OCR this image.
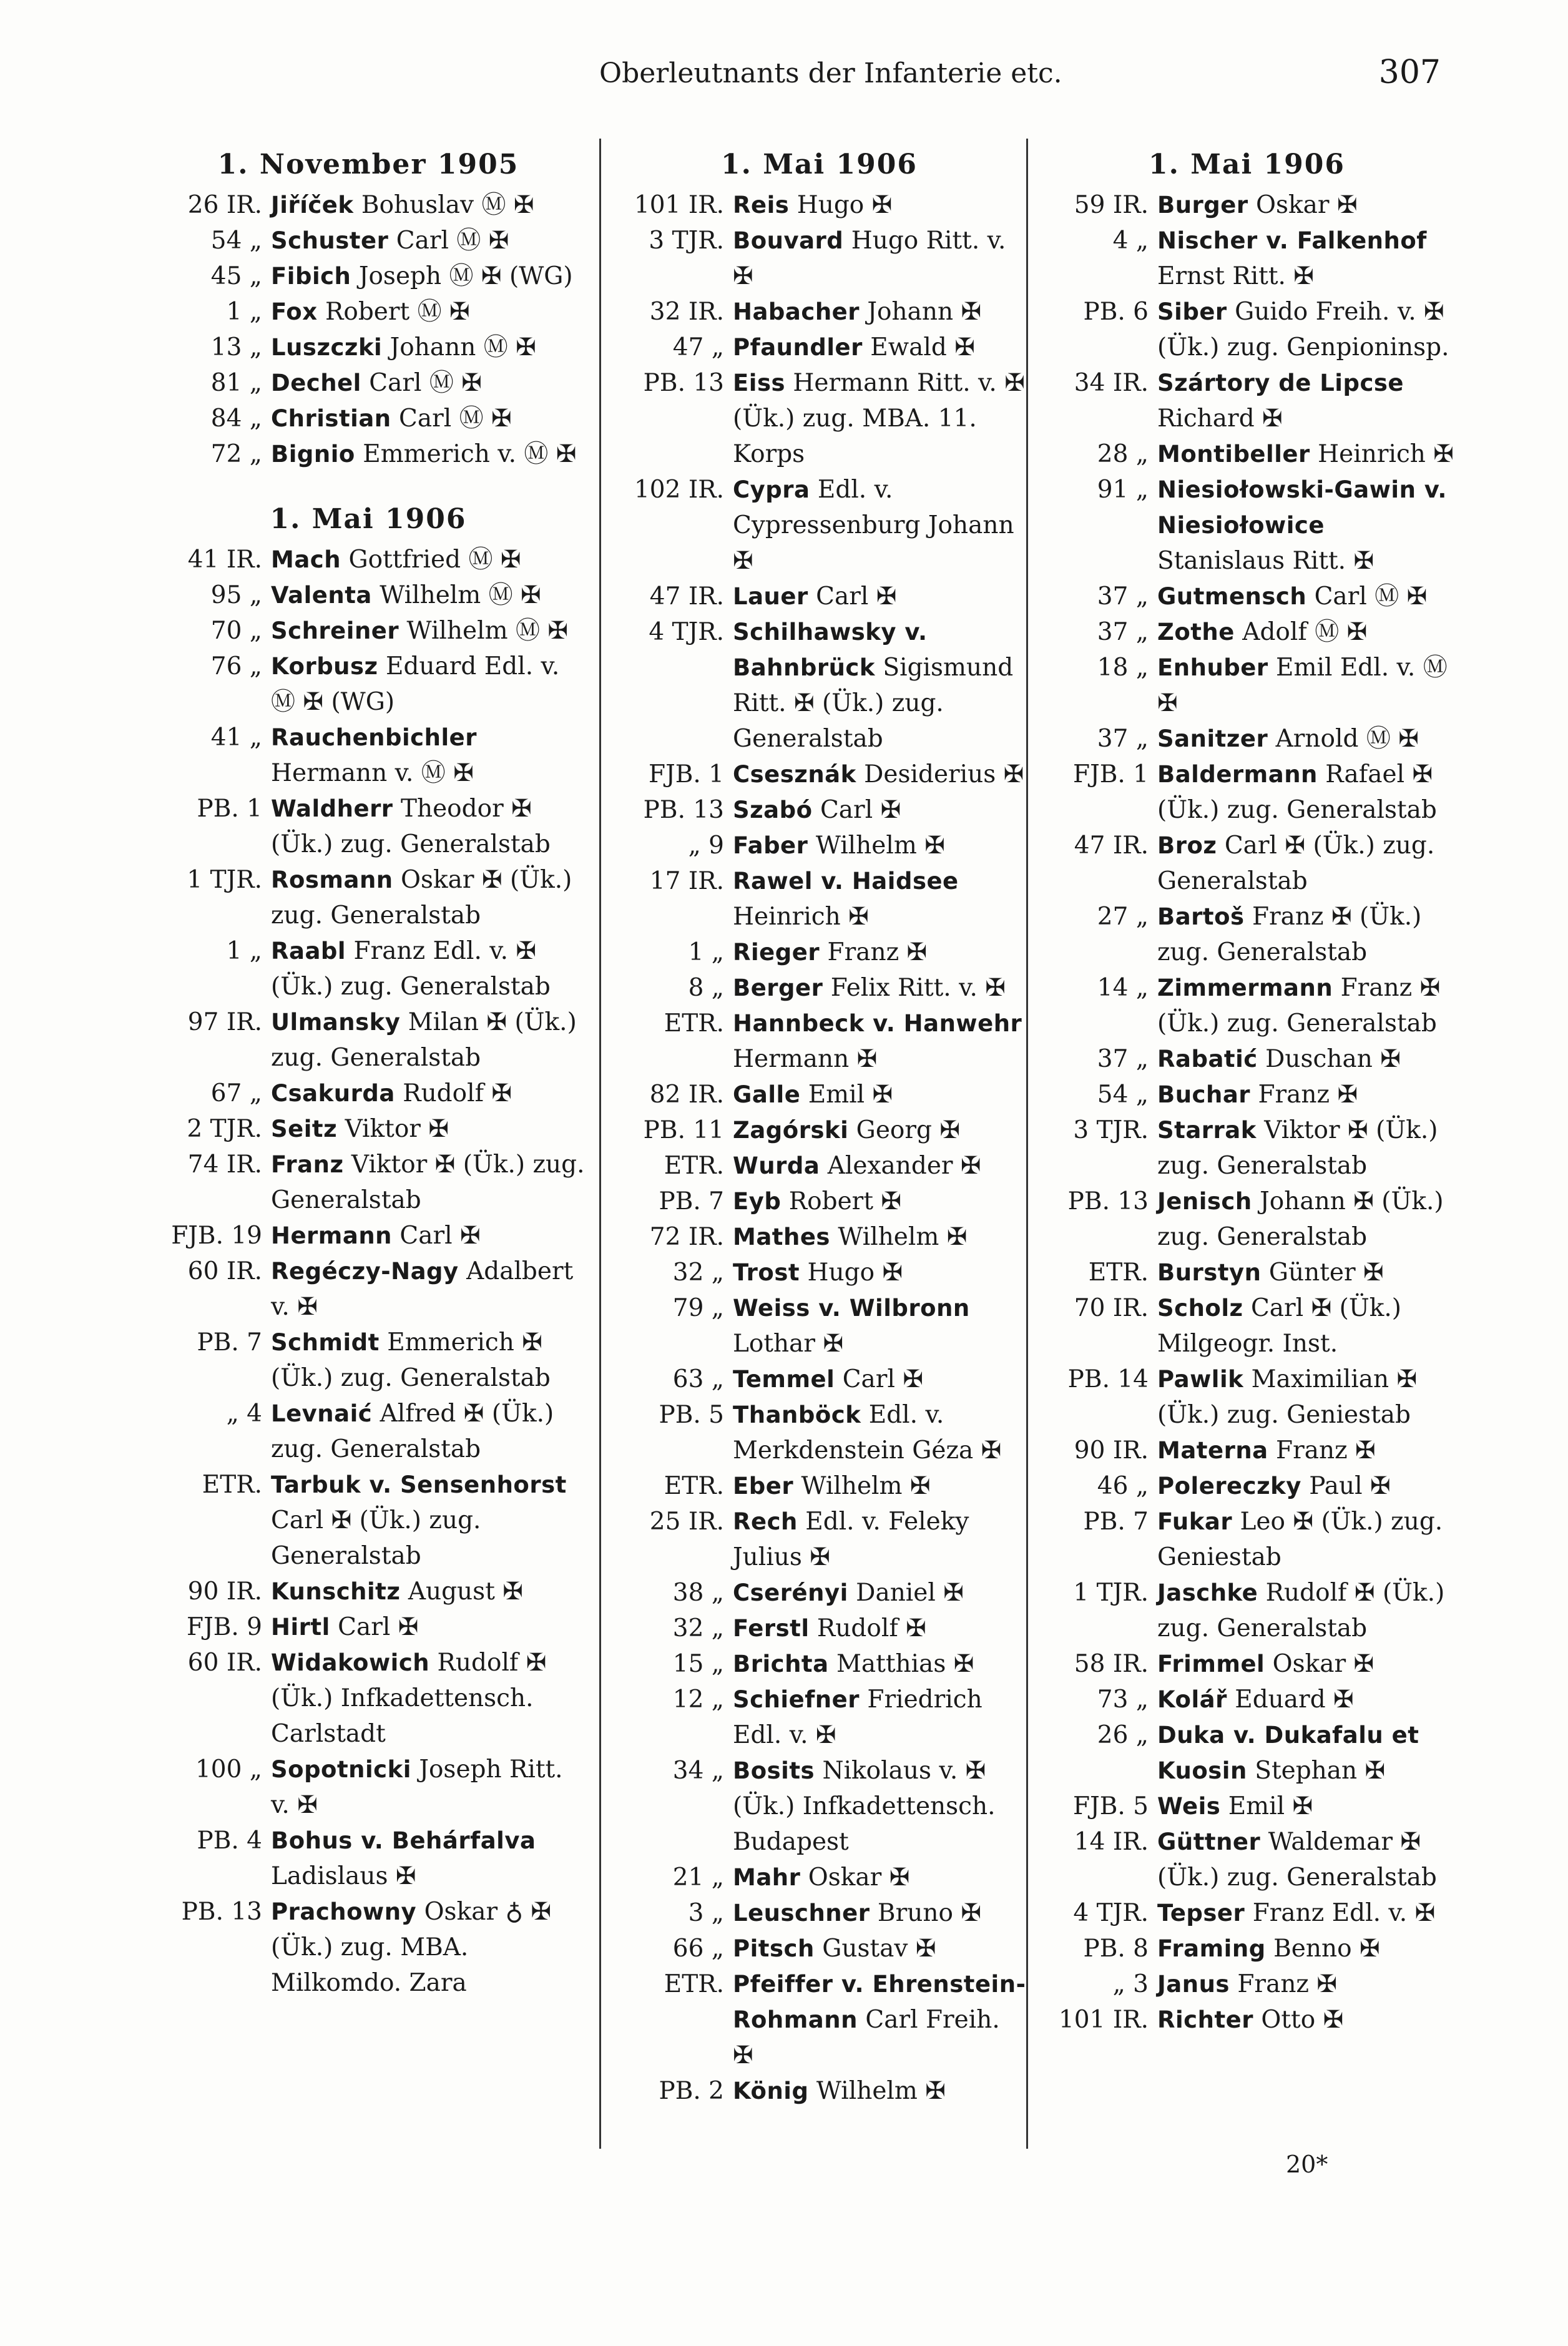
Oberleutnants der Infanterie etc.	307
1. November 1905
26 IR. Jiříček Bohuslav Ⓜ ✠
54 „ Schuster Carl Ⓜ ✠
45 „ Fibich Joseph Ⓜ ✠ (WG)
1 „ Fox Robert Ⓜ ✠
13 „ Luszczki Johann Ⓜ ✠
81 „ Dechel Carl Ⓜ ✠
84 „ Christian Carl Ⓜ ✠
72 „ Bignio Emmerich v. Ⓜ ✠
1. Mai 1906
41 IR. Mach Gottfried Ⓜ ✠
95 „ Valenta Wilhelm Ⓜ ✠
70 „ Schreiner Wilhelm Ⓜ ✠
76 „ Korbusz Eduard Edl. v. Ⓜ ✠ (WG)
41 „ Rauchenbichler Hermann v. Ⓜ ✠
PB. 1 Waldherr Theodor ✠ (Ük.) zug. Generalstab
1 TJR. Rosmann Oskar ✠ (Ük.) zug. Generalstab
1 „ Raabl Franz Edl. v. ✠ (Ük.) zug. Generalstab
97 IR. Ulmansky Milan ✠ (Ük.) zug. Generalstab
67 „ Csakurda Rudolf ✠
2 TJR. Seitz Viktor ✠
74 IR. Franz Viktor ✠ (Ük.) zug. Generalstab
FJB. 19 Hermann Carl ✠
60 IR. Regéczy-Nagy Adalbert v. ✠
PB. 7 Schmidt Emmerich ✠ (Ük.) zug. Generalstab
„ 4 Levnaić Alfred ✠ (Ük.) zug. Generalstab
ETR. Tarbuk v. Sensenhorst Carl ✠ (Ük.) zug. Generalstab
90 IR. Kunschitz August ✠
FJB. 9 Hirtl Carl ✠
60 IR. Widakowich Rudolf ✠ (Ük.) Infkadettensch. Carlstadt
100 „ Sopotnicki Joseph Ritt. v. ✠
PB. 4 Bohus v. Behárfalva Ladislaus ✠
PB. 13 Prachowny Oskar ♁ ✠ (Ük.) zug. MBA. Milkomdo. Zara
1. Mai 1906
101 IR. Reis Hugo ✠
3 TJR. Bouvard Hugo Ritt. v. ✠
32 IR. Habacher Johann ✠
47 „ Pfaundler Ewald ✠
PB. 13 Eiss Hermann Ritt. v. ✠ (Ük.) zug. MBA. 11. Korps
102 IR. Cypra Edl. v. Cypressenburg Johann ✠
47 IR. Lauer Carl ✠
4 TJR. Schilhawsky v. Bahnbrück Sigismund Ritt. ✠ (Ük.) zug. Generalstab
FJB. 1 Csesznák Desiderius ✠
PB. 13 Szabó Carl ✠
„ 9 Faber Wilhelm ✠
17 IR. Rawel v. Haidsee Heinrich ✠
1 „ Rieger Franz ✠
8 „ Berger Felix Ritt. v. ✠
ETR. Hannbeck v. Hanwehr Hermann ✠
82 IR. Galle Emil ✠
PB. 11 Zagórski Georg ✠
ETR. Wurda Alexander ✠
PB. 7 Eyb Robert ✠
72 IR. Mathes Wilhelm ✠
32 „ Trost Hugo ✠
79 „ Weiss v. Wilbronn Lothar ✠
63 „ Temmel Carl ✠
PB. 5 Thanböck Edl. v. Merkdenstein Géza ✠
ETR. Eber Wilhelm ✠
25 IR. Rech Edl. v. Feleky Julius ✠
38 „ Cserényi Daniel ✠
32 „ Ferstl Rudolf ✠
15 „ Brichta Matthias ✠
12 „ Schiefner Friedrich Edl. v. ✠
34 „ Bosits Nikolaus v. ✠ (Ük.) Infkadettensch. Budapest
21 „ Mahr Oskar ✠
3 „ Leuschner Bruno ✠
66 „ Pitsch Gustav ✠
ETR. Pfeiffer v. Ehrenstein-Rohmann Carl Freih. ✠
PB. 2 König Wilhelm ✠
1. Mai 1906
59 IR. Burger Oskar ✠
4 „ Nischer v. Falkenhof Ernst Ritt. ✠
PB. 6 Siber Guido Freih. v. ✠ (Ük.) zug. Genpioninsp.
34 IR. Szártory de Lipcse Richard ✠
28 „ Montibeller Heinrich ✠
91 „ Niesiołowski-Gawin v. Niesiołowice Stanislaus Ritt. ✠
37 „ Gutmensch Carl Ⓜ ✠
37 „ Zothe Adolf Ⓜ ✠
18 „ Enhuber Emil Edl. v. Ⓜ ✠
37 „ Sanitzer Arnold Ⓜ ✠
FJB. 1 Baldermann Rafael ✠ (Ük.) zug. Generalstab
47 IR. Broz Carl ✠ (Ük.) zug. Generalstab
27 „ Bartoš Franz ✠ (Ük.) zug. Generalstab
14 „ Zimmermann Franz ✠ (Ük.) zug. Generalstab
37 „ Rabatić Duschan ✠
54 „ Buchar Franz ✠
3 TJR. Starrak Viktor ✠ (Ük.) zug. Generalstab
PB. 13 Jenisch Johann ✠ (Ük.) zug. Generalstab
ETR. Burstyn Günter ✠
70 IR. Scholz Carl ✠ (Ük.) Milgeogr. Inst.
PB. 14 Pawlik Maximilian ✠ (Ük.) zug. Geniestab
90 IR. Materna Franz ✠
46 „ Polereczky Paul ✠
PB. 7 Fukar Leo ✠ (Ük.) zug. Geniestab
1 TJR. Jaschke Rudolf ✠ (Ük.) zug. Generalstab
58 IR. Frimmel Oskar ✠
73 „ Kolář Eduard ✠
26 „ Duka v. Dukafalu et Kuosin Stephan ✠
FJB. 5 Weis Emil ✠
14 IR. Güttner Waldemar ✠ (Ük.) zug. Generalstab
4 TJR. Tepser Franz Edl. v. ✠
PB. 8 Framing Benno ✠
„ 3 Janus Franz ✠
101 IR. Richter Otto ✠
20*
